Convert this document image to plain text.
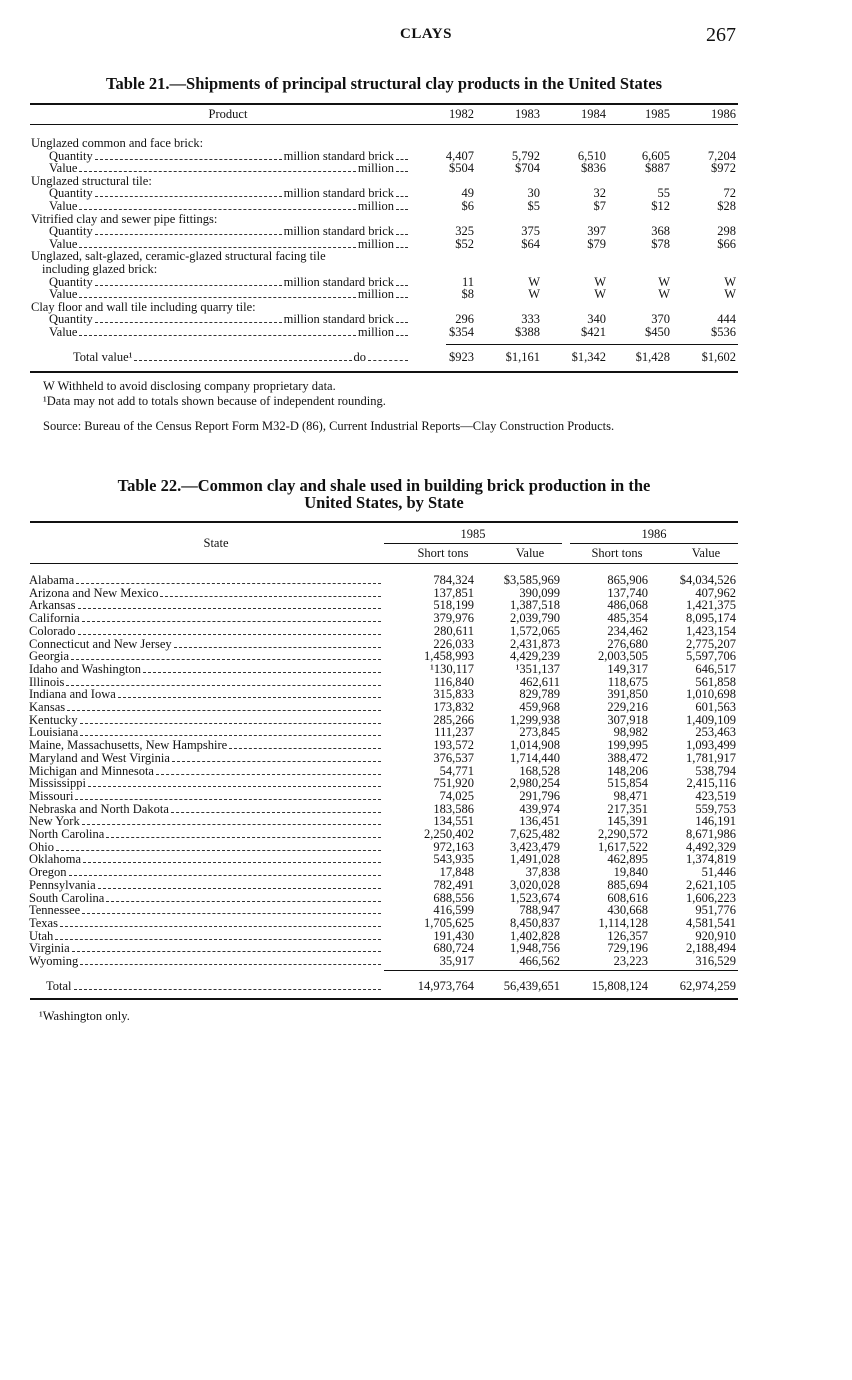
CLAYS	267
Table 21.—Shipments of principal structural clay products in the United States
Product	1982	1983	1984	1985	1986
Unglazed common and face brick:
Quantity	million standard brick	4,407	5,792	6,510	6,605	7,204
Value	million	$504	$704	$836	$887	$972
Unglazed structural tile:
Quantity	million standard brick	49	30	32	55	72
Value	million	$6	$5	$7	$12	$28
Vitrified clay and sewer pipe fittings:
Quantity	million standard brick	325	375	397	368	298
Value	million	$52	$64	$79	$78	$66
Unglazed, salt-glazed, ceramic-glazed structural facing tile
including glazed brick:
Quantity	million standard brick	11	W	W	W	W
Value	million	$8	W	W	W	W
Clay floor and wall tile including quarry tile:
Quantity	million standard brick	296	333	340	370	444
Value	million	$354	$388	$421	$450	$536
Total value¹	do	$923	$1,161	$1,342	$1,428	$1,602
W Withheld to avoid disclosing company proprietary data.
¹Data may not add to totals shown because of independent rounding.
Source: Bureau of the Census Report Form M32-D (86), Current Industrial Reports—Clay Construction Products.
Table 22.—Common clay and shale used in building brick production in the
United States, by State
State
1985	1986
Short tons	Value	Short tons	Value
Alabama	784,324	$3,585,969	865,906	$4,034,526
Arizona and New Mexico	137,851	390,099	137,740	407,962
Arkansas	518,199	1,387,518	486,068	1,421,375
California	379,976	2,039,790	485,354	8,095,174
Colorado	280,611	1,572,065	234,462	1,423,154
Connecticut and New Jersey	226,033	2,431,873	276,680	2,775,207
Georgia	1,458,993	4,429,239	2,003,505	5,597,706
Idaho and Washington	¹130,117	¹351,137	149,317	646,517
Illinois	116,840	462,611	118,675	561,858
Indiana and Iowa	315,833	829,789	391,850	1,010,698
Kansas	173,832	459,968	229,216	601,563
Kentucky	285,266	1,299,938	307,918	1,409,109
Louisiana	111,237	273,845	98,982	253,463
Maine, Massachusetts, New Hampshire	193,572	1,014,908	199,995	1,093,499
Maryland and West Virginia	376,537	1,714,440	388,472	1,781,917
Michigan and Minnesota	54,771	168,528	148,206	538,794
Mississippi	751,920	2,980,254	515,854	2,415,116
Missouri	74,025	291,796	98,471	423,519
Nebraska and North Dakota	183,586	439,974	217,351	559,753
New York	134,551	136,451	145,391	146,191
North Carolina	2,250,402	7,625,482	2,290,572	8,671,986
Ohio	972,163	3,423,479	1,617,522	4,492,329
Oklahoma	543,935	1,491,028	462,895	1,374,819
Oregon	17,848	37,838	19,840	51,446
Pennsylvania	782,491	3,020,028	885,694	2,621,105
South Carolina	688,556	1,523,674	608,616	1,606,223
Tennessee	416,599	788,947	430,668	951,776
Texas	1,705,625	8,450,837	1,114,128	4,581,541
Utah	191,430	1,402,828	126,357	920,910
Virginia	680,724	1,948,756	729,196	2,188,494
Wyoming	35,917	466,562	23,223	316,529
Total	14,973,764	56,439,651	15,808,124	62,974,259
¹Washington only.
